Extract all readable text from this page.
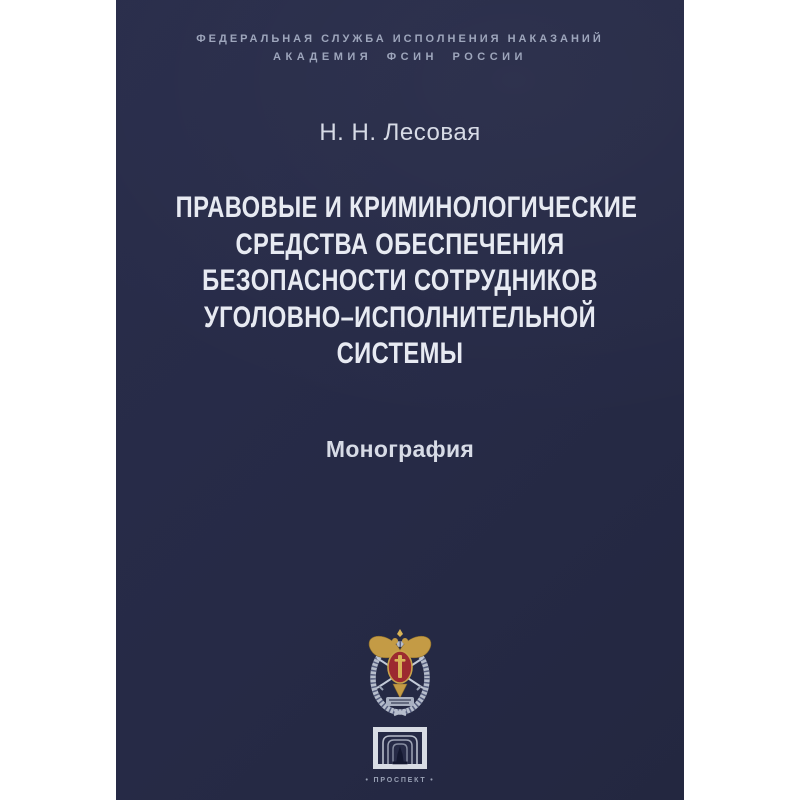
ФЕДЕРАЛЬНАЯ СЛУЖБА ИСПОЛНЕНИЯ НАКАЗАНИЙ
АКАДЕМИЯ ФСИН РОССИИ
Н. Н. Лесовая
ПРАВОВЫЕ И КРИМИНОЛОГИЧЕСКИЕ
СРЕДСТВА ОБЕСПЕЧЕНИЯ
БЕЗОПАСНОСТИ СОТРУДНИКОВ
УГОЛОВНО–ИСПОЛНИТЕЛЬНОЙ
СИСТЕМЫ
Монография
• ПРОСПЕКТ •
